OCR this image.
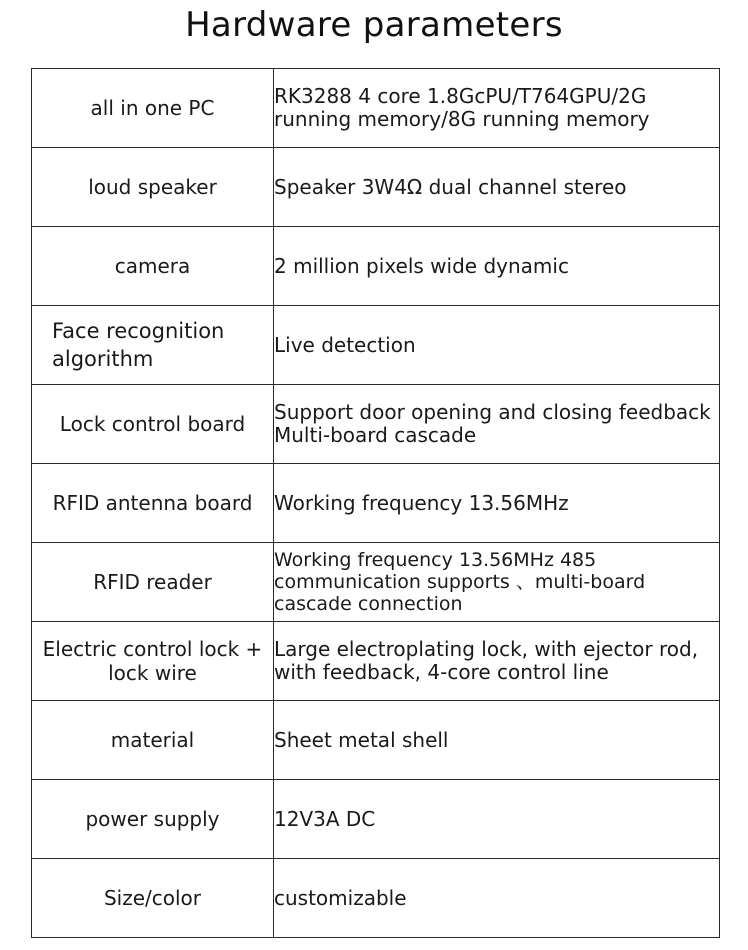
Hardware parameters
all in one PC	RK3288 4 core 1.8GcPU/T764GPU/2G running memory/8G running memory
loud speaker	Speaker 3W4Ω dual channel stereo
camera	2 million pixels wide dynamic
Face recognition algorithm	Live detection
Lock control board	Support door opening and closing feedback Multi-board cascade
RFID antenna board	Working frequency 13.56MHz
RFID reader	Working frequency 13.56MHz 485 communication supports 、multi-board cascade connection
Electric control lock + lock wire	Large electroplating lock, with ejector rod, with feedback, 4-core control line
material	Sheet metal shell
power supply	12V3A DC
Size/color	customizable
